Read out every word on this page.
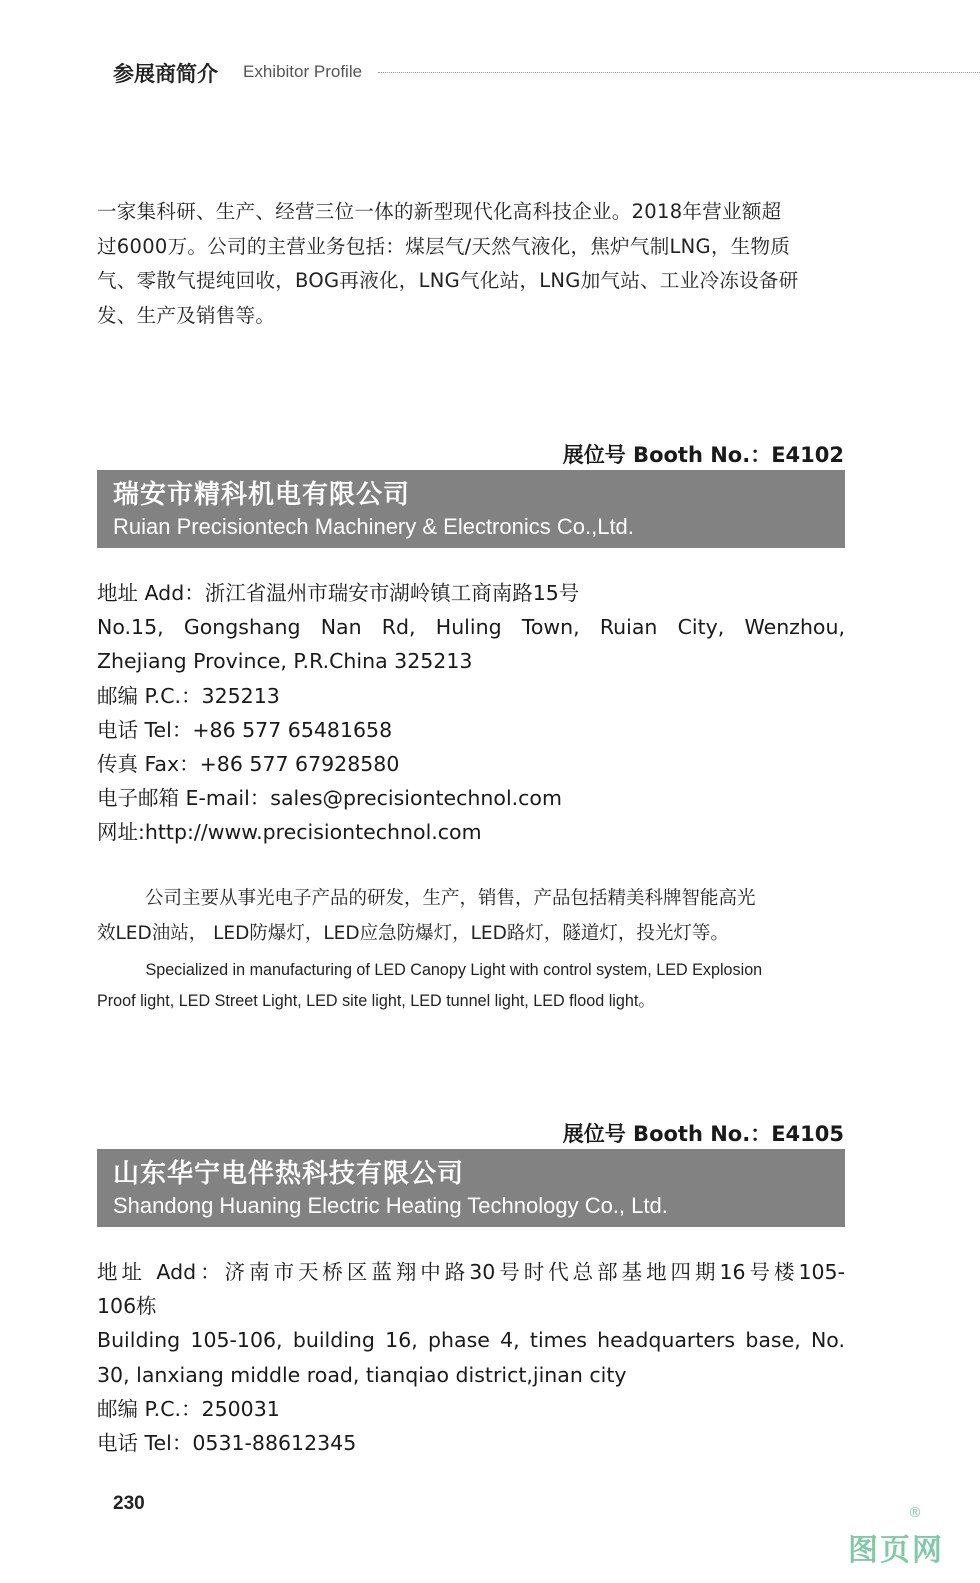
参展商简介 Exhibitor Profile
一家集科研、生产、经营三位一体的新型现代化高科技企业。2018年营业额超
过6000万。公司的主营业务包括：煤层气/天然气液化，焦炉气制LNG，生物质
气、零散气提纯回收，BOG再液化，LNG气化站，LNG加气站、工业冷冻设备研
发、生产及销售等。
展位号 Booth No.：E4102
瑞安市精科机电有限公司
Ruian Precisiontech Machinery & Electronics Co.,Ltd.
地址 Add：浙江省温州市瑞安市湖岭镇工商南路15号
No.15, Gongshang Nan Rd, Huling Town, Ruian City, Wenzhou,
Zhejiang Province, P.R.China 325213
邮编 P.C.：325213
电话 Tel：+86 577 65481658
传真 Fax：+86 577 67928580
电子邮箱 E-mail：sales@precisiontechnol.com
网址:http://www.precisiontechnol.com
公司主要从事光电子产品的研发，生产，销售，产品包括精美科牌智能高光
效LED油站， LED防爆灯，LED应急防爆灯，LED路灯，隧道灯，投光灯等。
Specialized in manufacturing of LED Canopy Light with control system, LED Explosion
Proof light, LED Street Light, LED site light, LED tunnel light, LED flood light。
展位号 Booth No.：E4105
山东华宁电伴热科技有限公司
Shandong Huaning Electric Heating Technology Co., Ltd.
地址 Add：济南市天桥区蓝翔中路30号时代总部基地四期16号楼105-
106栋
Building 105-106, building 16, phase 4, times headquarters base, No.
30, lanxiang middle road, tianqiao district,jinan city
邮编 P.C.：250031
电话 Tel：0531-88612345
230	®
图页网
